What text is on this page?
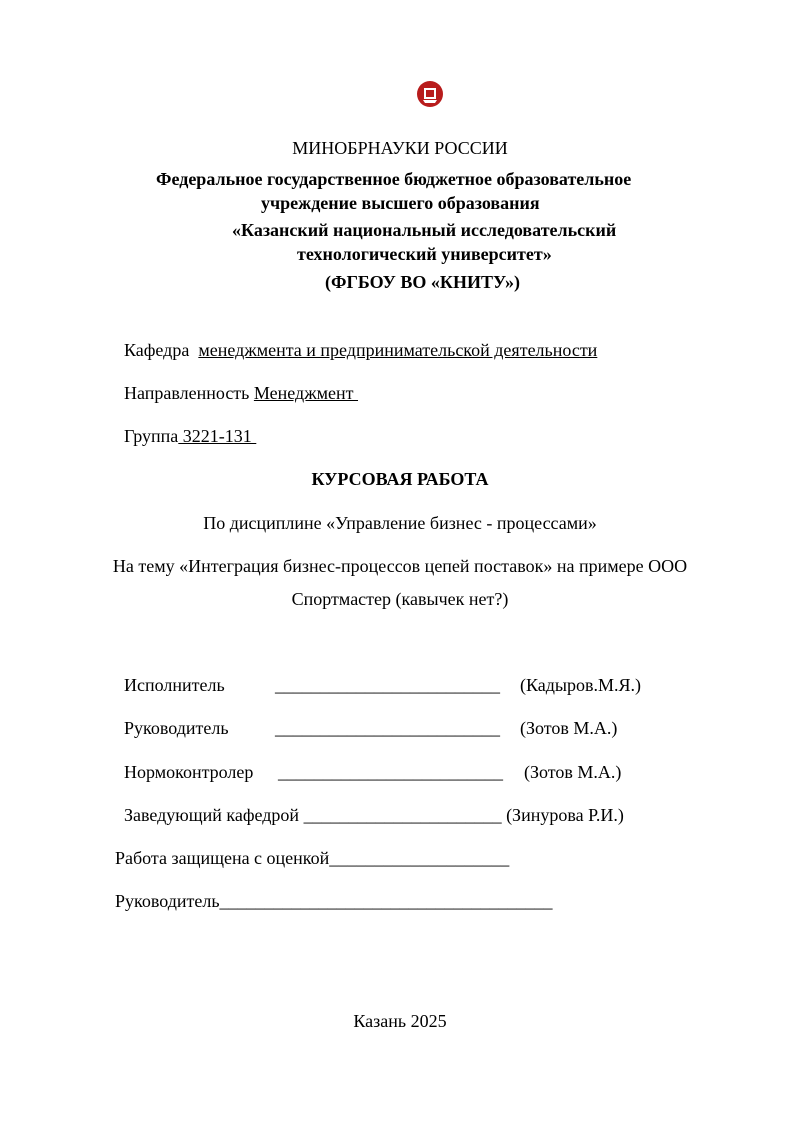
МИНОБРНАУКИ РОССИИ
Федеральное государственное бюджетное образовательное
учреждение высшего образования
«Казанский национальный исследовательский
технологический университет»
(ФГБОУ ВО «КНИТУ»)
Кафедра менеджмента и предпринимательской деятельности
Направленность Менеджмент
Группа 3221-131
КУРСОВАЯ РАБОТА
По дисциплине «Управление бизнес - процессами»
На тему «Интеграция бизнес-процессов цепей поставок» на примере ООО
Спортмастер (кавычек нет?)
Исполнитель	_________________________ (Кадыров.М.Я.)
Руководитель	_________________________ (Зотов М.А.)
Нормоконтролер _________________________ (Зотов М.А.)
Заведующий кафедрой ______________________ (Зинурова Р.И.)
Работа защищена с оценкой____________________
Руководитель_____________________________________
Казань 2025
